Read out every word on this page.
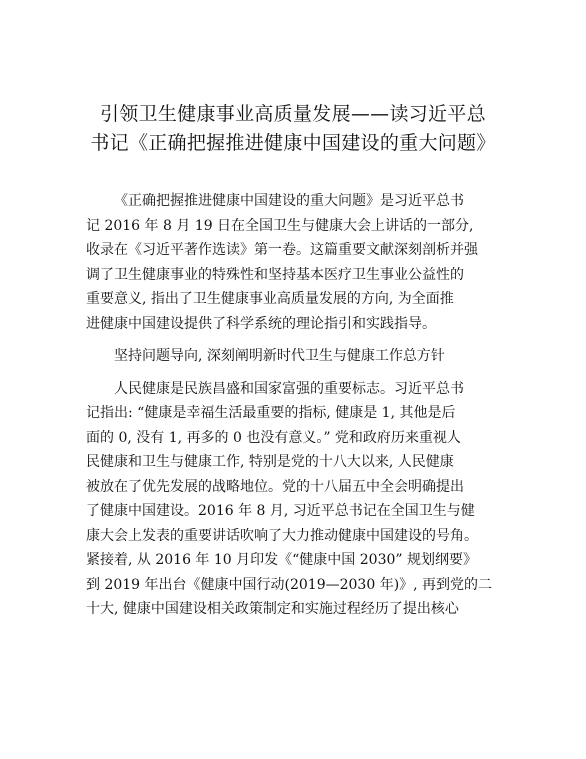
引领卫生健康事业高质量发展——读习近平总
书记《正确把握推进健康中国建设的重大问题》
《正确把握推进健康中国建设的重大问题》是习近平总书
记 2016 年 8 月 19 日在全国卫生与健康大会上讲话的一部分,
收录在《习近平著作选读》第一卷。这篇重要文献深刻剖析并强
调了卫生健康事业的特殊性和坚持基本医疗卫生事业公益性的
重要意义, 指出了卫生健康事业高质量发展的方向, 为全面推
进健康中国建设提供了科学系统的理论指引和实践指导。
坚持问题导向, 深刻阐明新时代卫生与健康工作总方针
人民健康是民族昌盛和国家富强的重要标志。习近平总书
记指出: “健康是幸福生活最重要的指标, 健康是 1, 其他是后
面的 0, 没有 1, 再多的 0 也没有意义。” 党和政府历来重视人
民健康和卫生与健康工作, 特别是党的十八大以来, 人民健康
被放在了优先发展的战略地位。党的十八届五中全会明确提出
了健康中国建设。2016 年 8 月, 习近平总书记在全国卫生与健
康大会上发表的重要讲话吹响了大力推动健康中国建设的号角。
紧接着, 从 2016 年 10 月印发《“健康中国 2030” 规划纲要》
到 2019 年出台《健康中国行动(2019—2030 年)》, 再到党的二
十大, 健康中国建设相关政策制定和实施过程经历了提出核心
